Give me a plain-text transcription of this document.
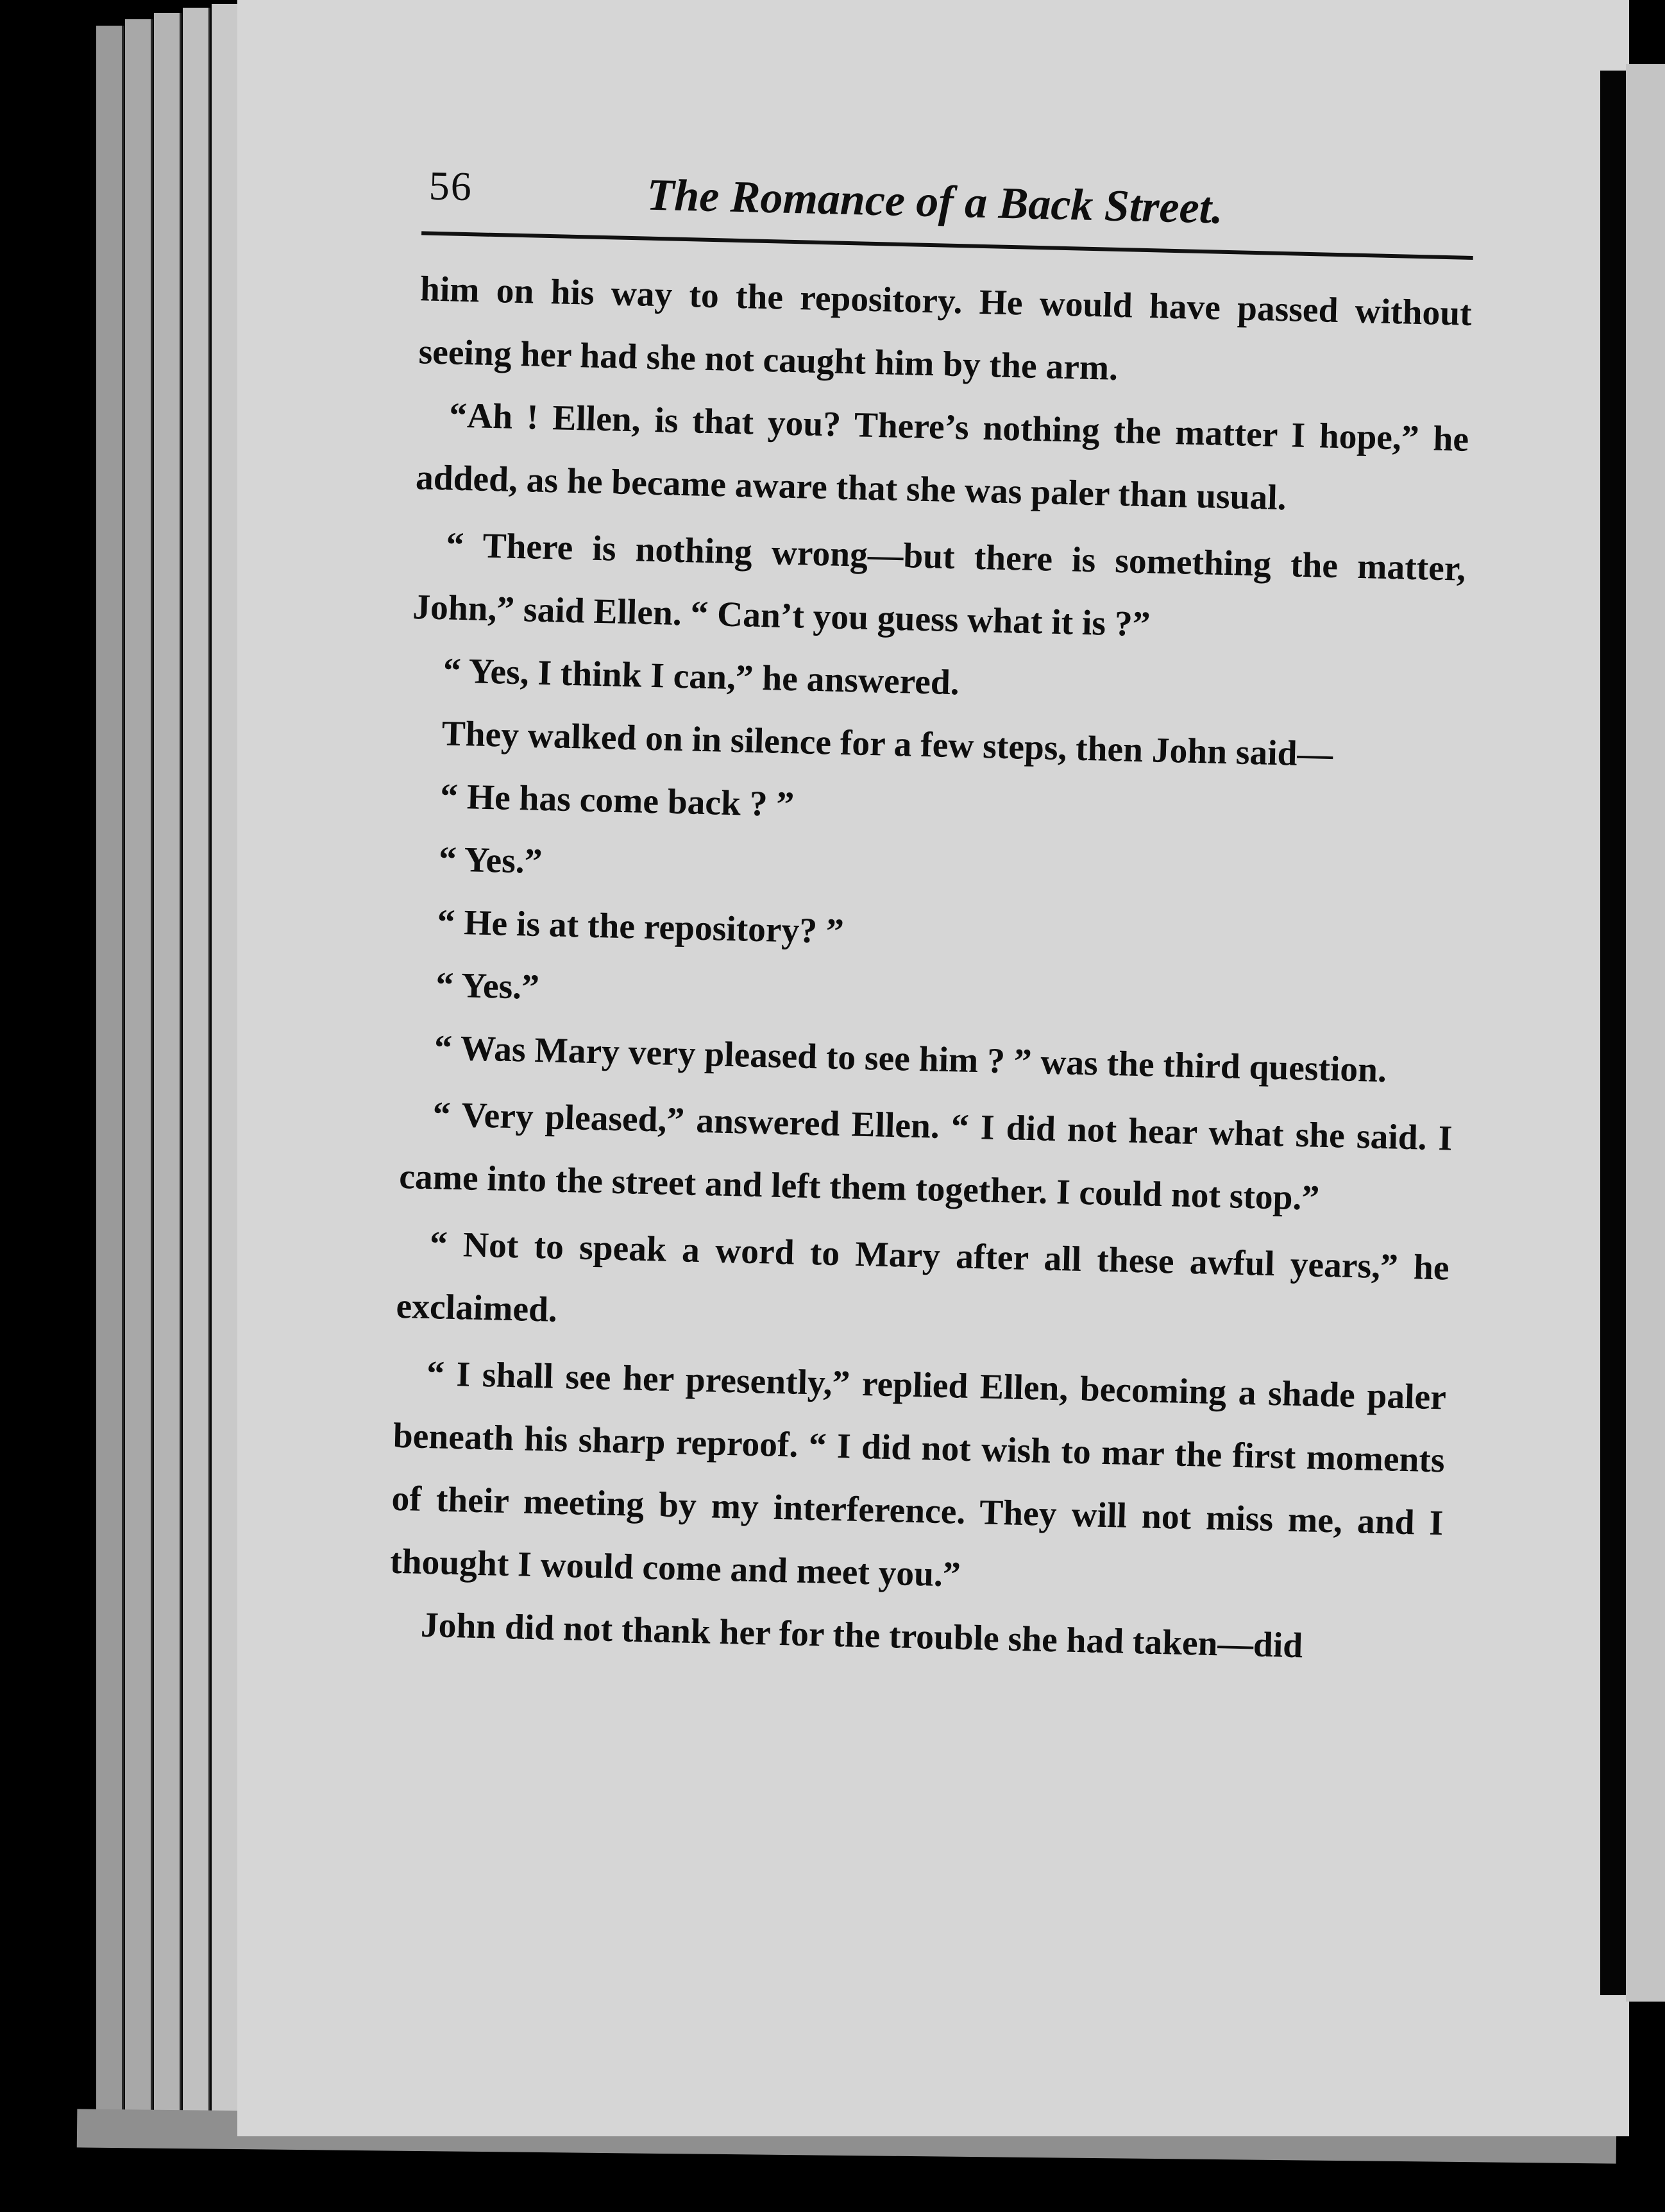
56	The Romance of a Back Street.

him on his way to the repository. He would have passed without seeing her had she not caught him by the arm.

“Ah ! Ellen, is that you? There’s nothing the matter I hope,” he added, as he became aware that she was paler than usual.

“ There is nothing wrong—but there is something the matter, John,” said Ellen. “ Can’t you guess what it is ?”

“ Yes, I think I can,” he answered.

They walked on in silence for a few steps, then John said—

“ He has come back ? ”

“ Yes.”

“ He is at the repository? ”

“ Yes.”

“ Was Mary very pleased to see him ? ” was the third question.

“ Very pleased,” answered Ellen. “ I did not hear what she said. I came into the street and left them together. I could not stop.”

“ Not to speak a word to Mary after all these awful years,” he exclaimed.

“ I shall see her presently,” replied Ellen, becoming a shade paler beneath his sharp reproof. “ I did not wish to mar the first moments of their meeting by my interference. They will not miss me, and I thought I would come and meet you.”

John did not thank her for the trouble she had taken—did
